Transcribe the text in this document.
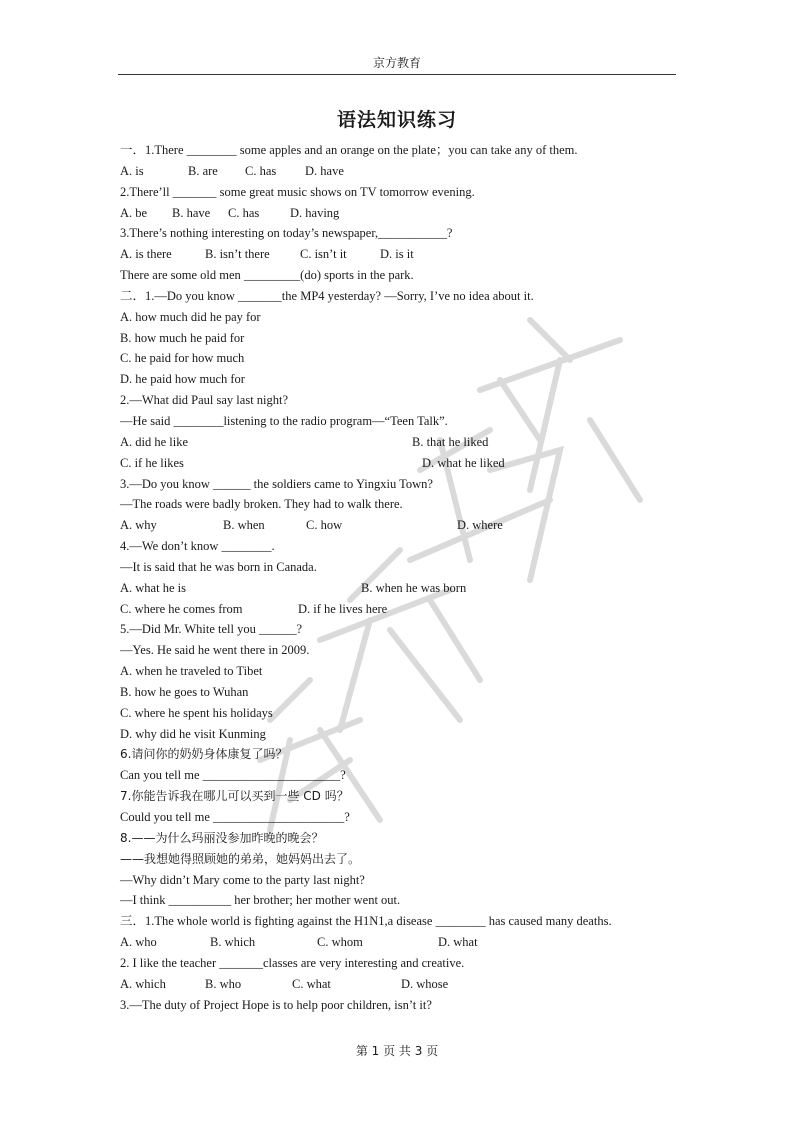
京方教育
语法知识练习
一．1.There ________ some apples and an orange on the plate；you can take any of them.
A. is	B. are C. has D. have
2.There’ll _______ some great music shows on TV tomorrow evening.
A. be B. have C. has D. having
3.There’s nothing interesting on today’s newspaper,___________?
A. is there	B. isn’t there C. isn’t it	D. is it
There are some old men _________(do) sports in the park.
二．1.—Do you know _______the MP4 yesterday? —Sorry, I’ve no idea about it.
A. how much did he pay for
B. how much he paid for
C. he paid for how much
D. he paid how much for
2.—What did Paul say last night?
—He said ________listening to the radio program—“Teen Talk”.
A. did he like	B. that he liked
C. if he likes	D. what he liked
3.—Do you know ______ the soldiers came to Yingxiu Town?
—The roads were badly broken. They had to walk there.
A. why	B. when	C. how	D. where
4.—We don’t know ________.
—It is said that he was born in Canada.
A. what he is	B. when he was born
C. where he comes from	D. if he lives here
5.—Did Mr. White tell you ______?
—Yes. He said he went there in 2009.
A. when he traveled to Tibet
B. how he goes to Wuhan
C. where he spent his holidays
D. why did he visit Kunming
6.请问你的奶奶身体康复了吗？
Can you tell me ______________________?
7.你能告诉我在哪儿可以买到一些 CD 吗？
Could you tell me _____________________?
8.——为什么玛丽没参加昨晚的晚会？
——我想她得照顾她的弟弟，她妈妈出去了。
—Why didn’t Mary come to the party last night?
—I think __________ her brother; her mother went out.
三．1.The whole world is fighting against the H1N1,a disease ________ has caused many deaths.
A. who	B. which	C. whom	D. what
2. I like the teacher _______classes are very interesting and creative.
A. which	B. who	C. what	D. whose
3.—The duty of Project Hope is to help poor children, isn’t it?
第 1 页 共 3 页
